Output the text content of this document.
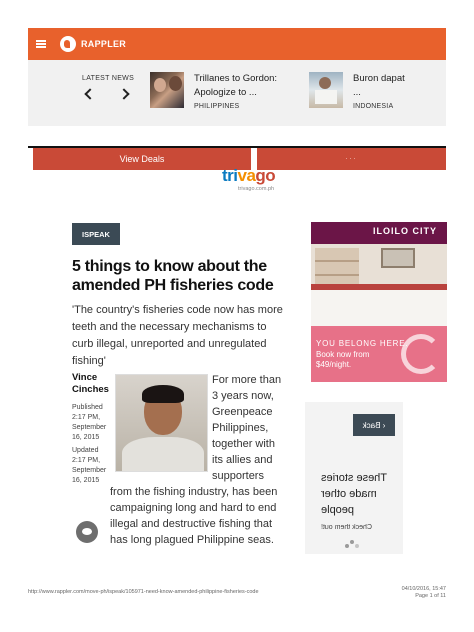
RAPPLER
LATEST NEWS	Trillanes to Gordon:
Apologize to ...
PHILIPPINES
Buron dapat
...
INDONESIA
View Deals	...
trivago
trivago.com.ph
ISPEAK
5 things to know about the amended PH fisheries code
'The country's fisheries code now has more teeth and the necessary mechanisms to curb illegal, unreported and unregulated fishing'
Vince
Cinches
Published
2:17 PM,
September
16, 2015
Updated
2:17 PM,
September
16, 2015
For more than
3 years now,
Greenpeace
Philippines,
together with
its allies and
supporters
from the fishing industry, has been
campaigning long and hard to end
illegal and destructive fishing that
has long plagued Philippine seas.
ILOILO CITY
YOU BELONG HERE.
Book now from
$49/night.
‹ Back
These stories made other people
Check them out!
http://www.rappler.com/move-ph/ispeak/105971-need-know-amended-philippine-fisheries-code	04/10/2016, 15:47
Page 1 of 11
